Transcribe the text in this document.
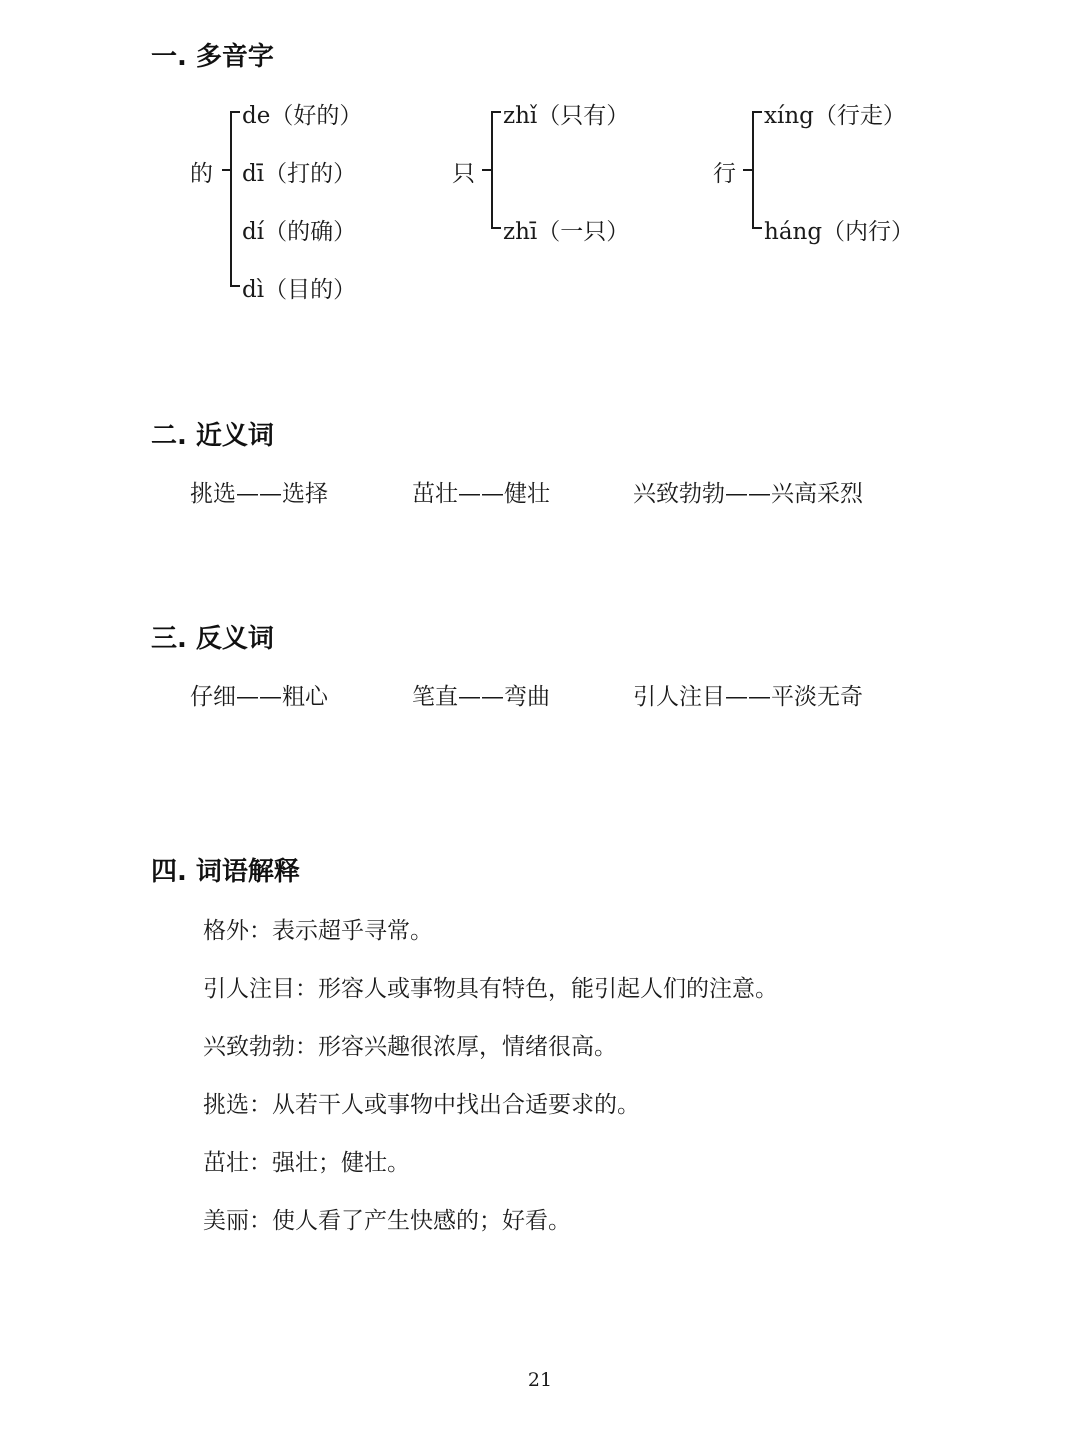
一. 多音字
的
de（好的）
dī（打的）
dí（的确）
dì（目的）
只
zhǐ（只有）
zhī（一只）
行
xíng（行走）
háng（内行）
二. 近义词
挑选——选择	茁壮——健壮	兴致勃勃——兴高采烈
三. 反义词
仔细——粗心	笔直——弯曲	引人注目——平淡无奇
四. 词语解释
格外：表示超乎寻常。
引人注目：形容人或事物具有特色，能引起人们的注意。
兴致勃勃：形容兴趣很浓厚，情绪很高。
挑选：从若干人或事物中找出合适要求的。
茁壮：强壮；健壮。
美丽：使人看了产生快感的；好看。
21
